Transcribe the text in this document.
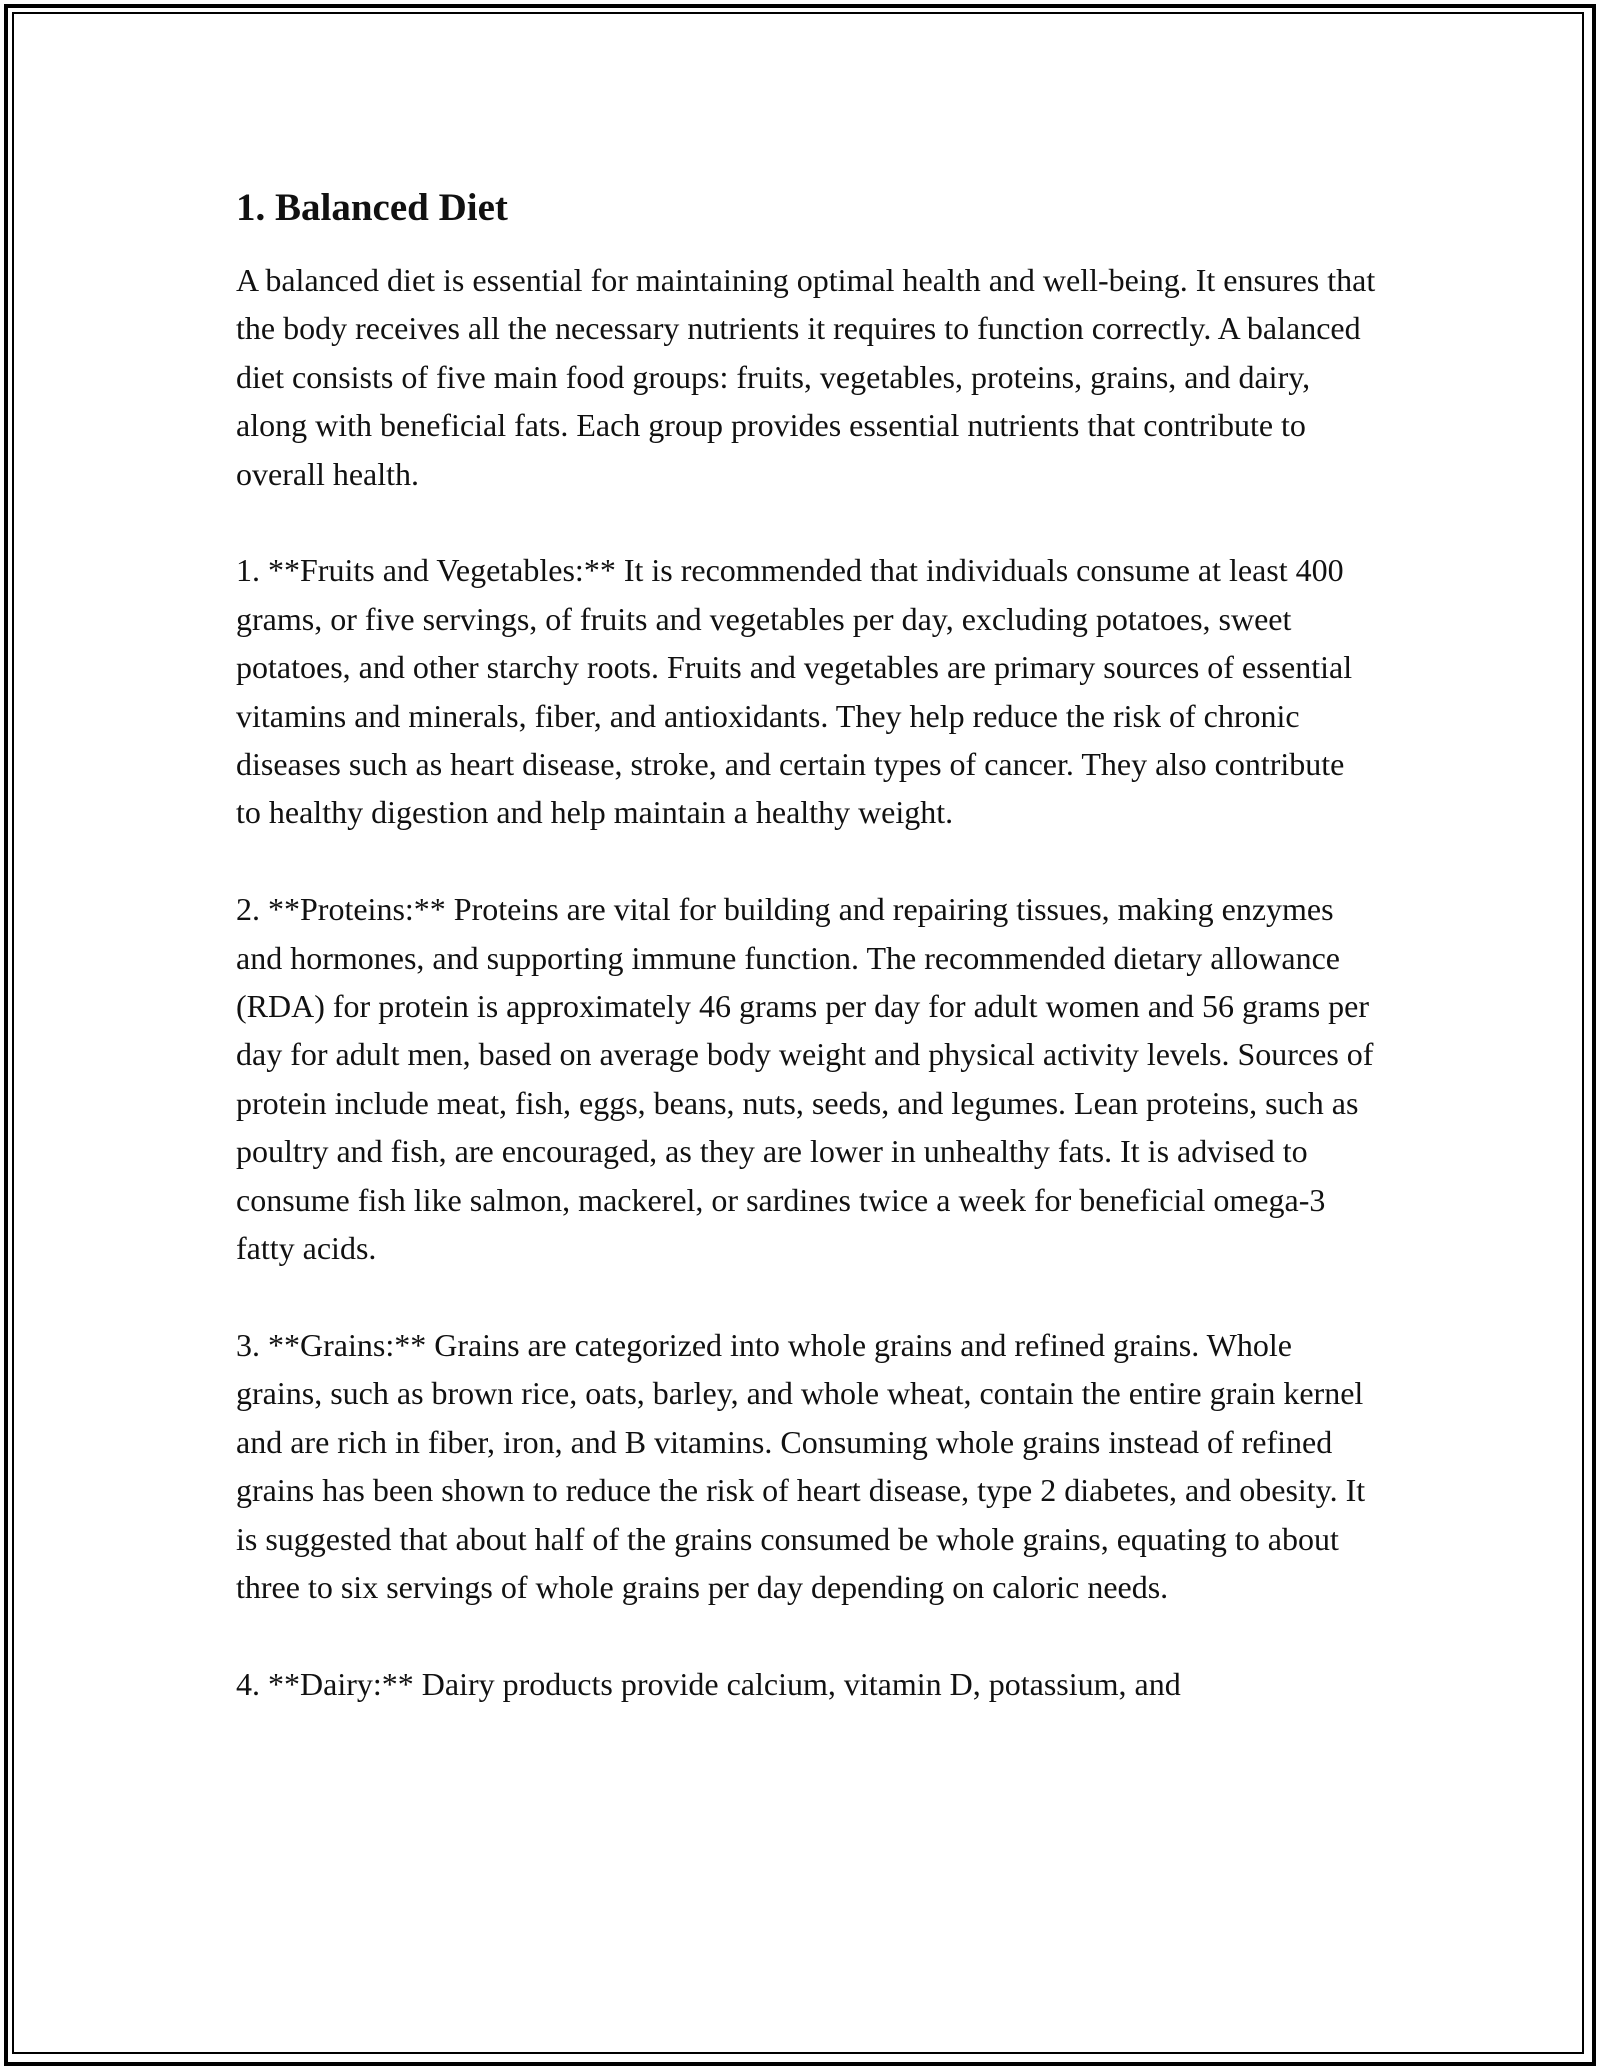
1. Balanced Diet

A balanced diet is essential for maintaining optimal health and well-being. It ensures that the body receives all the necessary nutrients it requires to function correctly. A balanced diet consists of five main food groups: fruits, vegetables, proteins, grains, and dairy, along with beneficial fats. Each group provides essential nutrients that contribute to overall health.

1. **Fruits and Vegetables:** It is recommended that individuals consume at least 400 grams, or five servings, of fruits and vegetables per day, excluding potatoes, sweet potatoes, and other starchy roots. Fruits and vegetables are primary sources of essential vitamins and minerals, fiber, and antioxidants. They help reduce the risk of chronic diseases such as heart disease, stroke, and certain types of cancer. They also contribute to healthy digestion and help maintain a healthy weight.

2. **Proteins:** Proteins are vital for building and repairing tissues, making enzymes and hormones, and supporting immune function. The recommended dietary allowance (RDA) for protein is approximately 46 grams per day for adult women and 56 grams per day for adult men, based on average body weight and physical activity levels. Sources of protein include meat, fish, eggs, beans, nuts, seeds, and legumes. Lean proteins, such as poultry and fish, are encouraged, as they are lower in unhealthy fats. It is advised to consume fish like salmon, mackerel, or sardines twice a week for beneficial omega-3 fatty acids.

3. **Grains:** Grains are categorized into whole grains and refined grains. Whole grains, such as brown rice, oats, barley, and whole wheat, contain the entire grain kernel and are rich in fiber, iron, and B vitamins. Consuming whole grains instead of refined grains has been shown to reduce the risk of heart disease, type 2 diabetes, and obesity. It is suggested that about half of the grains consumed be whole grains, equating to about three to six servings of whole grains per day depending on caloric needs.

4. **Dairy:** Dairy products provide calcium, vitamin D, potassium, and
